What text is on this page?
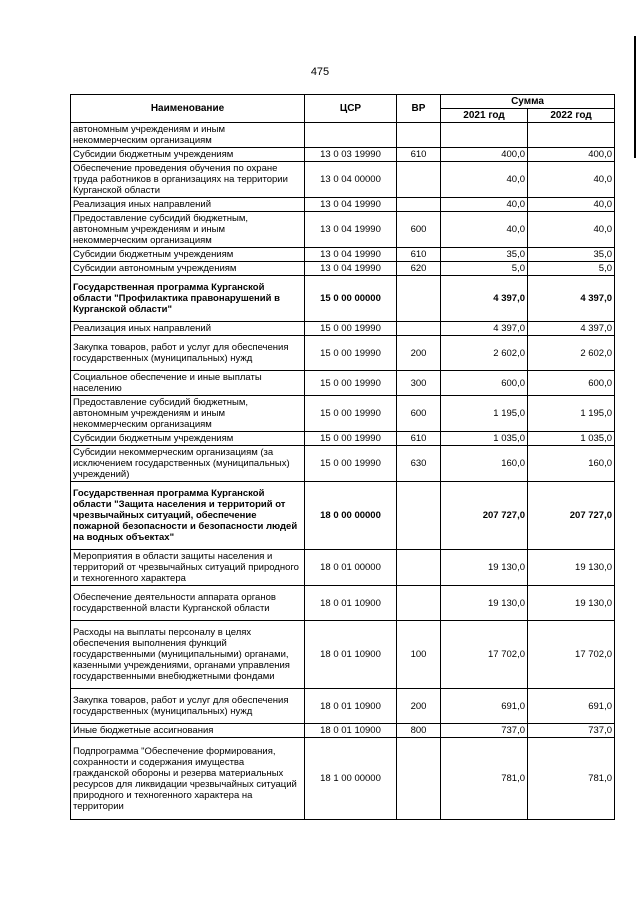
475
Наименование	ЦСР	ВР	Сумма	
			2021 год	2022 год
автономным учреждениям и иным некоммерческим организациям				
Субсидии бюджетным учреждениям	13 0 03 19990	610	400,0	400,0
Обеспечение проведения обучения по охране труда работников в организациях на территории Курганской области	13 0 04 00000		40,0	40,0
Реализация иных направлений	13 0 04 19990		40,0	40,0
Предоставление субсидий бюджетным, автономным учреждениям и иным некоммерческим организациям	13 0 04 19990	600	40,0	40,0
Субсидии бюджетным учреждениям	13 0 04 19990	610	35,0	35,0
Субсидии автономным учреждениям	13 0 04 19990	620	5,0	5,0
Государственная программа Курганской области "Профилактика правонарушений в Курганской области"	15 0 00 00000		4 397,0	4 397,0
Реализация иных направлений	15 0 00 19990		4 397,0	4 397,0
Закупка товаров, работ и услуг для обеспечения государственных (муниципальных) нужд	15 0 00 19990	200	2 602,0	2 602,0
Социальное обеспечение и иные выплаты населению	15 0 00 19990	300	600,0	600,0
Предоставление субсидий бюджетным, автономным учреждениям и иным некоммерческим организациям	15 0 00 19990	600	1 195,0	1 195,0
Субсидии бюджетным учреждениям	15 0 00 19990	610	1 035,0	1 035,0
Субсидии некоммерческим организациям (за исключением государственных (муниципальных) учреждений)	15 0 00 19990	630	160,0	160,0
Государственная программа Курганской области "Защита населения и территорий от чрезвычайных ситуаций, обеспечение пожарной безопасности и безопасности людей на водных объектах"	18 0 00 00000		207 727,0	207 727,0
Мероприятия в области защиты населения и территорий от чрезвычайных ситуаций природного и техногенного характера	18 0 01 00000		19 130,0	19 130,0
Обеспечение деятельности аппарата органов государственной власти Курганской области	18 0 01 10900		19 130,0	19 130,0
Расходы на выплаты персоналу в целях обеспечения выполнения функций государственными (муниципальными) органами, казенными учреждениями, органами управления государственными внебюджетными фондами	18 0 01 10900	100	17 702,0	17 702,0
Закупка товаров, работ и услуг для обеспечения государственных (муниципальных) нужд	18 0 01 10900	200	691,0	691,0
Иные бюджетные ассигнования	18 0 01 10900	800	737,0	737,0
Подпрограмма "Обеспечение формирования, сохранности и содержания имущества гражданской обороны и резерва материальных ресурсов для ликвидации чрезвычайных ситуаций природного и техногенного характера на территории	18 1 00 00000		781,0	781,0
